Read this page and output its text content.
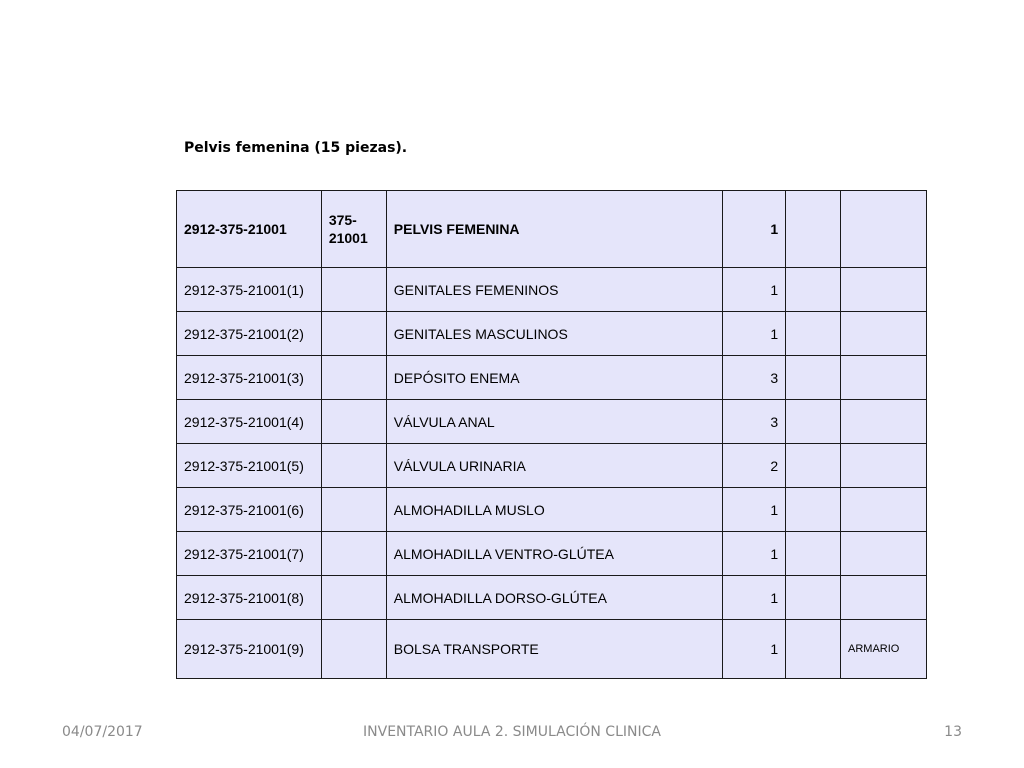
Pelvis femenina (15 piezas).
2912-375-21001	375-21001	PELVIS FEMENINA	1		
2912-375-21001(1)		GENITALES FEMENINOS	1		
2912-375-21001(2)		GENITALES MASCULINOS	1		
2912-375-21001(3)		DEPÓSITO ENEMA	3		
2912-375-21001(4)		VÁLVULA ANAL	3		
2912-375-21001(5)		VÁLVULA URINARIA	2		
2912-375-21001(6)		ALMOHADILLA MUSLO	1		
2912-375-21001(7)		ALMOHADILLA VENTRO-GLÚTEA	1		
2912-375-21001(8)		ALMOHADILLA DORSO-GLÚTEA	1		
2912-375-21001(9)		BOLSA TRANSPORTE	1		ARMARIO
04/07/2017	INVENTARIO AULA 2. SIMULACIÓN CLINICA	13
